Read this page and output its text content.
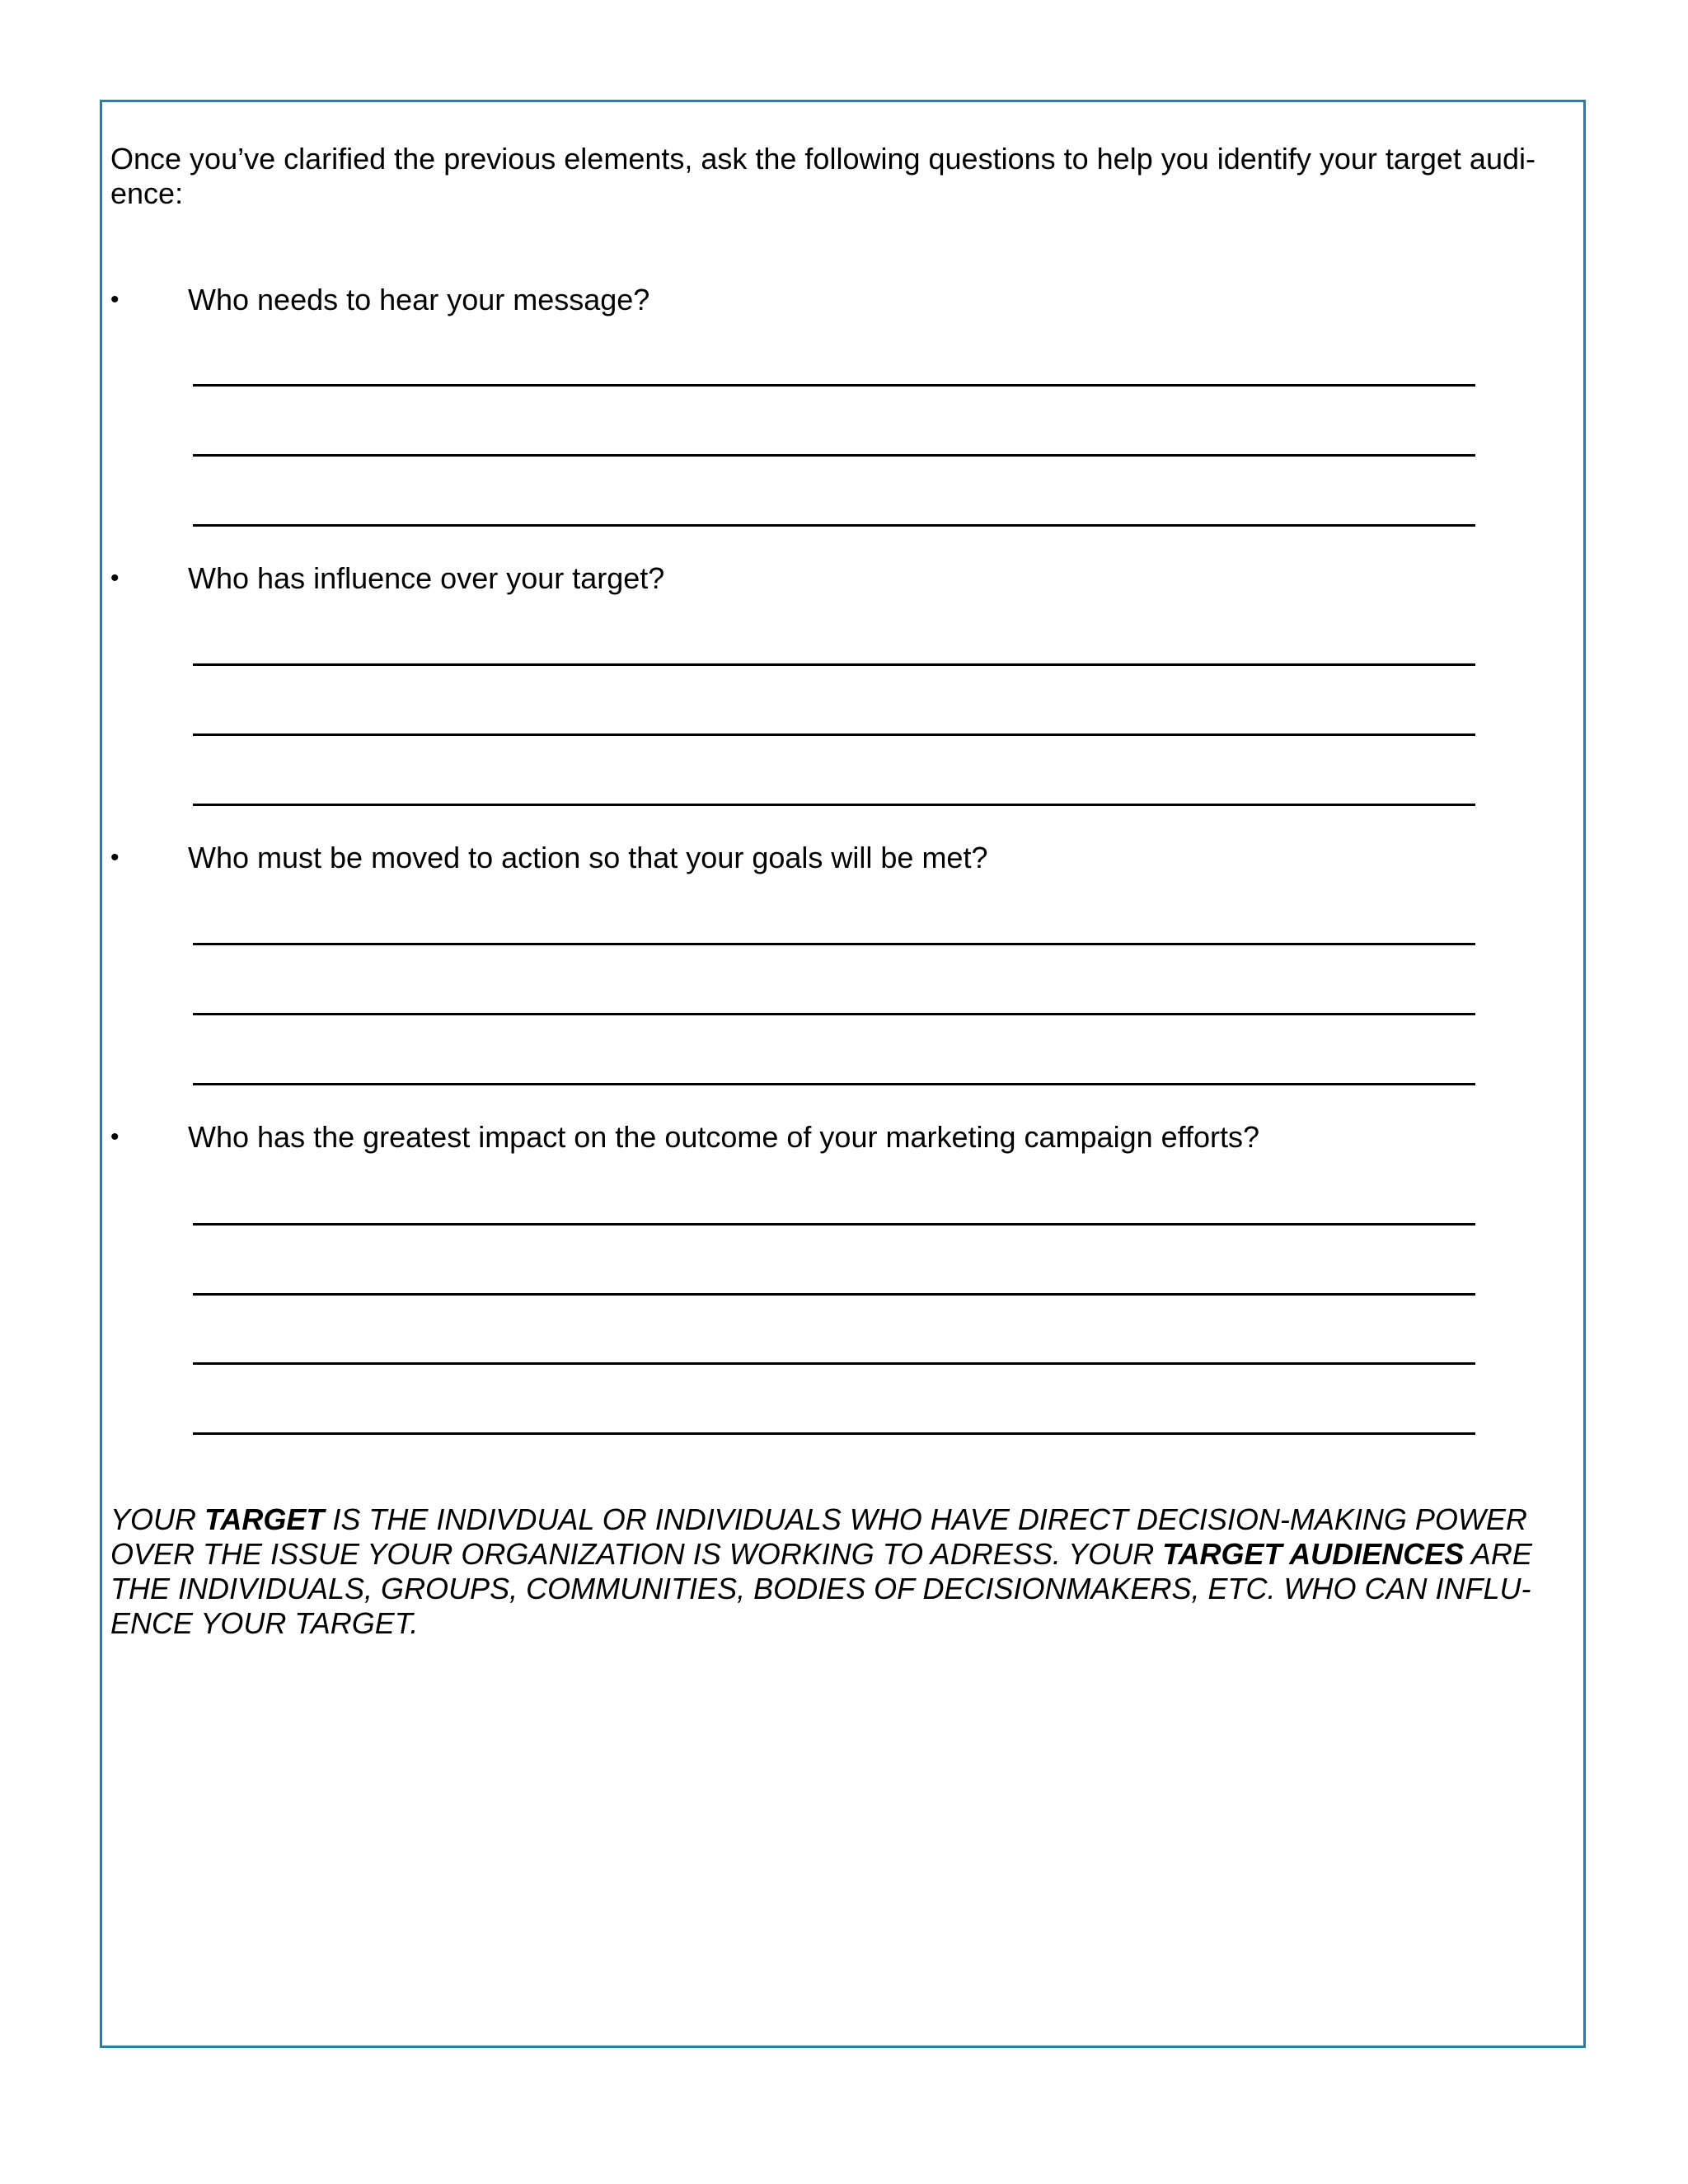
Once you’ve clarified the previous elements, ask the following questions to help you identify your target audi-
ence:

• Who needs to hear your message?
• Who has influence over your target?
• Who must be moved to action so that your goals will be met?
• Who has the greatest impact on the outcome of your marketing campaign efforts?

YOUR TARGET IS THE INDIVDUAL OR INDIVIDUALS WHO HAVE DIRECT DECISION-MAKING POWER OVER THE ISSUE YOUR ORGANIZATION IS WORKING TO ADRESS. YOUR TARGET AUDIENCES ARE THE INDIVIDUALS, GROUPS, COMMUNITIES, BODIES OF DECISIONMAKERS, ETC. WHO CAN INFLU-ENCE YOUR TARGET.
